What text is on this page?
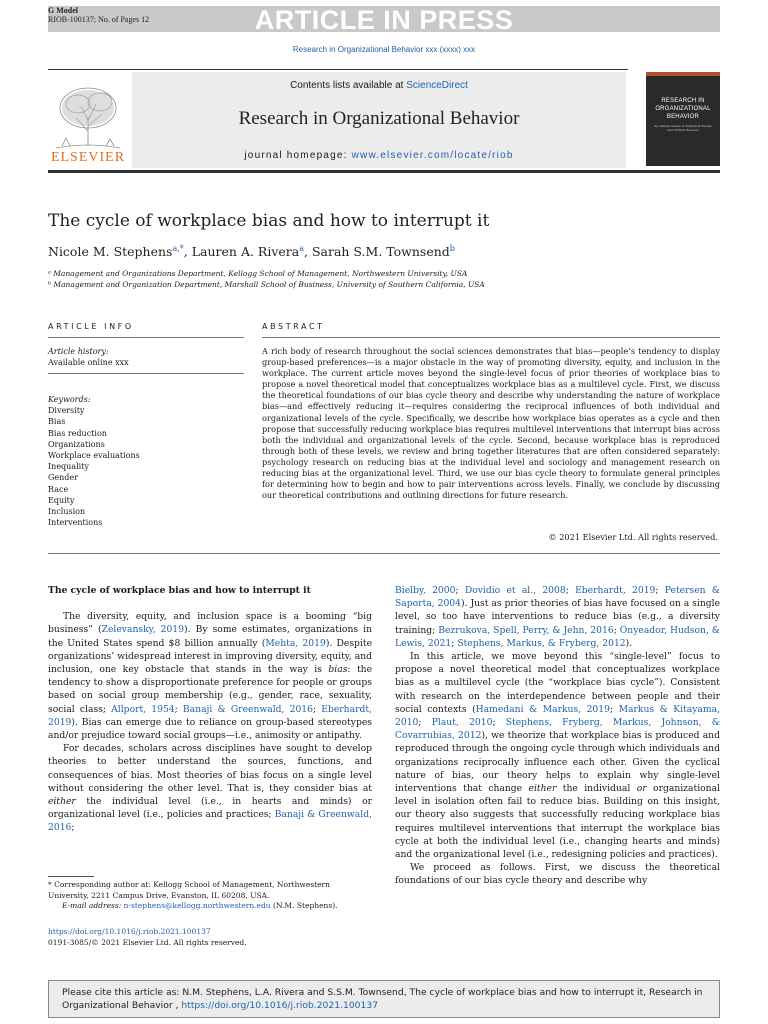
ARTICLE IN PRESS
G Model
RIOB-100137; No. of Pages 12
Research in Organizational Behavior xxx (xxxx) xxx
Contents lists available at ScienceDirect
Research in Organizational Behavior
journal homepage: www.elsevier.com/locate/riob
ELSEVIER
RESEARCH IN ORGANIZATIONAL BEHAVIOR
An Annual Series of Analytical Essays and Critical Reviews
The cycle of workplace bias and how to interrupt it
Nicole M. Stephens$^{a,*}$, Lauren A. Rivera$^a$, Sarah S.M. Townsend$^b$
ᵃ Management and Organizations Department, Kellogg School of Management, Northwestern University, USA
ᵇ Management and Organization Department, Marshall School of Business, University of Southern California, USA
ARTICLE INFO
Article history:
Available online xxx
Keywords:
Diversity
Bias
Bias reduction
Organizations
Workplace evaluations
Inequality
Gender
Race
Equity
Inclusion
Interventions
ABSTRACT
A rich body of research throughout the social sciences demonstrates that bias—people’s tendency to display group-based preferences—is a major obstacle in the way of promoting diversity, equity, and inclusion in the workplace. The current article moves beyond the single-level focus of prior theories of workplace bias to propose a novel theoretical model that conceptualizes workplace bias as a multilevel cycle. First, we discuss the theoretical foundations of our bias cycle theory and describe why understanding the nature of workplace bias—and effectively reducing it—requires considering the reciprocal influences of both individual and organizational levels of the cycle. Specifically, we describe how workplace bias operates as a cycle and then propose that successfully reducing workplace bias requires multilevel interventions that interrupt bias across both the individual and organizational levels of the cycle. Second, because workplace bias is reproduced through both of these levels, we review and bring together literatures that are often considered separately: psychology research on reducing bias at the individual level and sociology and management research on reducing bias at the organizational level. Third, we use our bias cycle theory to formulate general principles for determining how to begin and how to pair interventions across levels. Finally, we conclude by discussing our theoretical contributions and outlining directions for future research.
© 2021 Elsevier Ltd. All rights reserved.

The cycle of workplace bias and how to interrupt it

The diversity, equity, and inclusion space is a booming “big business” (Zelevansky, 2019). By some estimates, organizations in the United States spend $8 billion annually (Mehta, 2019). Despite organizations’ widespread interest in improving diversity, equity, and inclusion, one key obstacle that stands in the way is bias: the tendency to show a disproportionate preference for people or groups based on social group membership (e.g., gender, race, sexuality, social class; Allport, 1954; Banaji & Greenwald, 2016; Eberhardt, 2019). Bias can emerge due to reliance on group-based stereotypes and/or prejudice toward social groups—i.e., animosity or antipathy.

For decades, scholars across disciplines have sought to develop theories to better understand the sources, functions, and consequences of bias. Most theories of bias focus on a single level without considering the other level. That is, they consider bias at either the individual level (i.e., in hearts and minds) or organizational level (i.e., policies and practices; Banaji & Greenwald, 2016;

Bielby, 2000; Dovidio et al., 2008; Eberhardt, 2019; Petersen & Saporta, 2004). Just as prior theories of bias have focused on a single level, so too have interventions to reduce bias (e.g., a diversity training; Bezrukova, Spell, Perry, & Jehn, 2016; Onyeador, Hudson, & Lewis, 2021; Stephens, Markus, & Fryberg, 2012).

In this article, we move beyond this “single-level” focus to propose a novel theoretical model that conceptualizes workplace bias as a multilevel cycle (the “workplace bias cycle”). Consistent with research on the interdependence between people and their social contexts (Hamedani & Markus, 2019; Markus & Kitayama, 2010; Plaut, 2010; Stephens, Fryberg, Markus, Johnson, & Covarrubias, 2012), we theorize that workplace bias is produced and reproduced through the ongoing cycle through which individuals and organizations reciprocally influence each other. Given the cyclical nature of bias, our theory helps to explain why single-level interventions that change either the individual or organizational level in isolation often fail to reduce bias. Building on this insight, our theory also suggests that successfully reducing workplace bias requires multilevel interventions that interrupt the workplace bias cycle at both the individual level (i.e., changing hearts and minds) and the organizational level (i.e., redesigning policies and practices).

We proceed as follows. First, we discuss the theoretical foundations of our bias cycle theory and describe why

* Corresponding author at: Kellogg School of Management, Northwestern University, 2211 Campus Drive, Evanston, IL 60208, USA.
E-mail address: n-stephens@kellogg.northwestern.edu (N.M. Stephens).
https://doi.org/10.1016/j.riob.2021.100137
0191-3085/© 2021 Elsevier Ltd. All rights reserved.
Please cite this article as: N.M. Stephens, L.A. Rivera and S.S.M. Townsend, The cycle of workplace bias and how to interrupt it, Research in Organizational Behavior , https://doi.org/10.1016/j.riob.2021.100137
